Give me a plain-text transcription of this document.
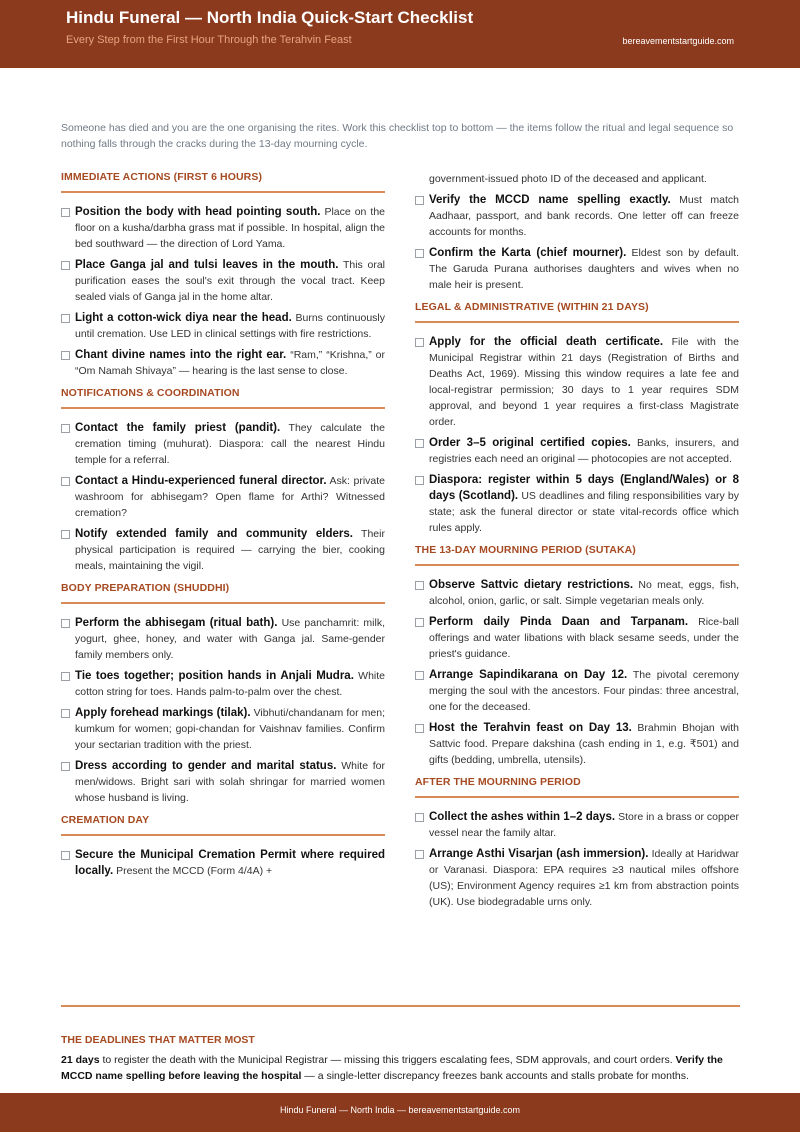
Hindu Funeral — North India Quick-Start Checklist
Every Step from the First Hour Through the Terahvin Feast	bereavementstartguide.com
Someone has died and you are the one organising the rites. Work this checklist top to bottom — the items follow the ritual and legal sequence so nothing falls through the cracks during the 13-day mourning cycle.
IMMEDIATE ACTIONS (FIRST 6 HOURS)
Position the body with head pointing south. Place on the floor on a kusha/darbha grass mat if possible. In hospital, align the bed southward — the direction of Lord Yama.
Place Ganga jal and tulsi leaves in the mouth. This oral purification eases the soul's exit through the vocal tract. Keep sealed vials of Ganga jal in the home altar.
Light a cotton-wick diya near the head. Burns continuously until cremation. Use LED in clinical settings with fire restrictions.
Chant divine names into the right ear. “Ram,” “Krishna,” or “Om Namah Shivaya” — hearing is the last sense to close.
NOTIFICATIONS & COORDINATION
Contact the family priest (pandit). They calculate the cremation timing (muhurat). Diaspora: call the nearest Hindu temple for a referral.
Contact a Hindu-experienced funeral director. Ask: private washroom for abhisegam? Open flame for Arthi? Witnessed cremation?
Notify extended family and community elders. Their physical participation is required — carrying the bier, cooking meals, maintaining the vigil.
BODY PREPARATION (SHUDDHI)
Perform the abhisegam (ritual bath). Use panchamrit: milk, yogurt, ghee, honey, and water with Ganga jal. Same-gender family members only.
Tie toes together; position hands in Anjali Mudra. White cotton string for toes. Hands palm-to-palm over the chest.
Apply forehead markings (tilak). Vibhuti/chandanam for men; kumkum for women; gopi-chandan for Vaishnav families. Confirm your sectarian tradition with the priest.
Dress according to gender and marital status. White for men/widows. Bright sari with solah shringar for married women whose husband is living.
CREMATION DAY
Secure the Municipal Cremation Permit where required locally. Present the MCCD (Form 4/4A) +
government-issued photo ID of the deceased and applicant.
Verify the MCCD name spelling exactly. Must match Aadhaar, passport, and bank records. One letter off can freeze accounts for months.
Confirm the Karta (chief mourner). Eldest son by default. The Garuda Purana authorises daughters and wives when no male heir is present.
LEGAL & ADMINISTRATIVE (WITHIN 21 DAYS)
Apply for the official death certificate. File with the Municipal Registrar within 21 days (Registration of Births and Deaths Act, 1969). Missing this window requires a late fee and local-registrar permission; 30 days to 1 year requires SDM approval, and beyond 1 year requires a first-class Magistrate order.
Order 3–5 original certified copies. Banks, insurers, and registries each need an original — photocopies are not accepted.
Diaspora: register within 5 days (England/Wales) or 8 days (Scotland). US deadlines and filing responsibilities vary by state; ask the funeral director or state vital-records office which rules apply.
THE 13-DAY MOURNING PERIOD (SUTAKA)
Observe Sattvic dietary restrictions. No meat, eggs, fish, alcohol, onion, garlic, or salt. Simple vegetarian meals only.
Perform daily Pinda Daan and Tarpanam. Rice-ball offerings and water libations with black sesame seeds, under the priest's guidance.
Arrange Sapindikarana on Day 12. The pivotal ceremony merging the soul with the ancestors. Four pindas: three ancestral, one for the deceased.
Host the Terahvin feast on Day 13. Brahmin Bhojan with Sattvic food. Prepare dakshina (cash ending in 1, e.g. ₹501) and gifts (bedding, umbrella, utensils).
AFTER THE MOURNING PERIOD
Collect the ashes within 1–2 days. Store in a brass or copper vessel near the family altar.
Arrange Asthi Visarjan (ash immersion). Ideally at Haridwar or Varanasi. Diaspora: EPA requires ≥3 nautical miles offshore (US); Environment Agency requires ≥1 km from abstraction points (UK). Use biodegradable urns only.
THE DEADLINES THAT MATTER MOST
21 days to register the death with the Municipal Registrar — missing this triggers escalating fees, SDM approvals, and court orders. Verify the MCCD name spelling before leaving the hospital — a single-letter discrepancy freezes bank accounts and stalls probate for months.
Hindu Funeral — North India — bereavementstartguide.com
